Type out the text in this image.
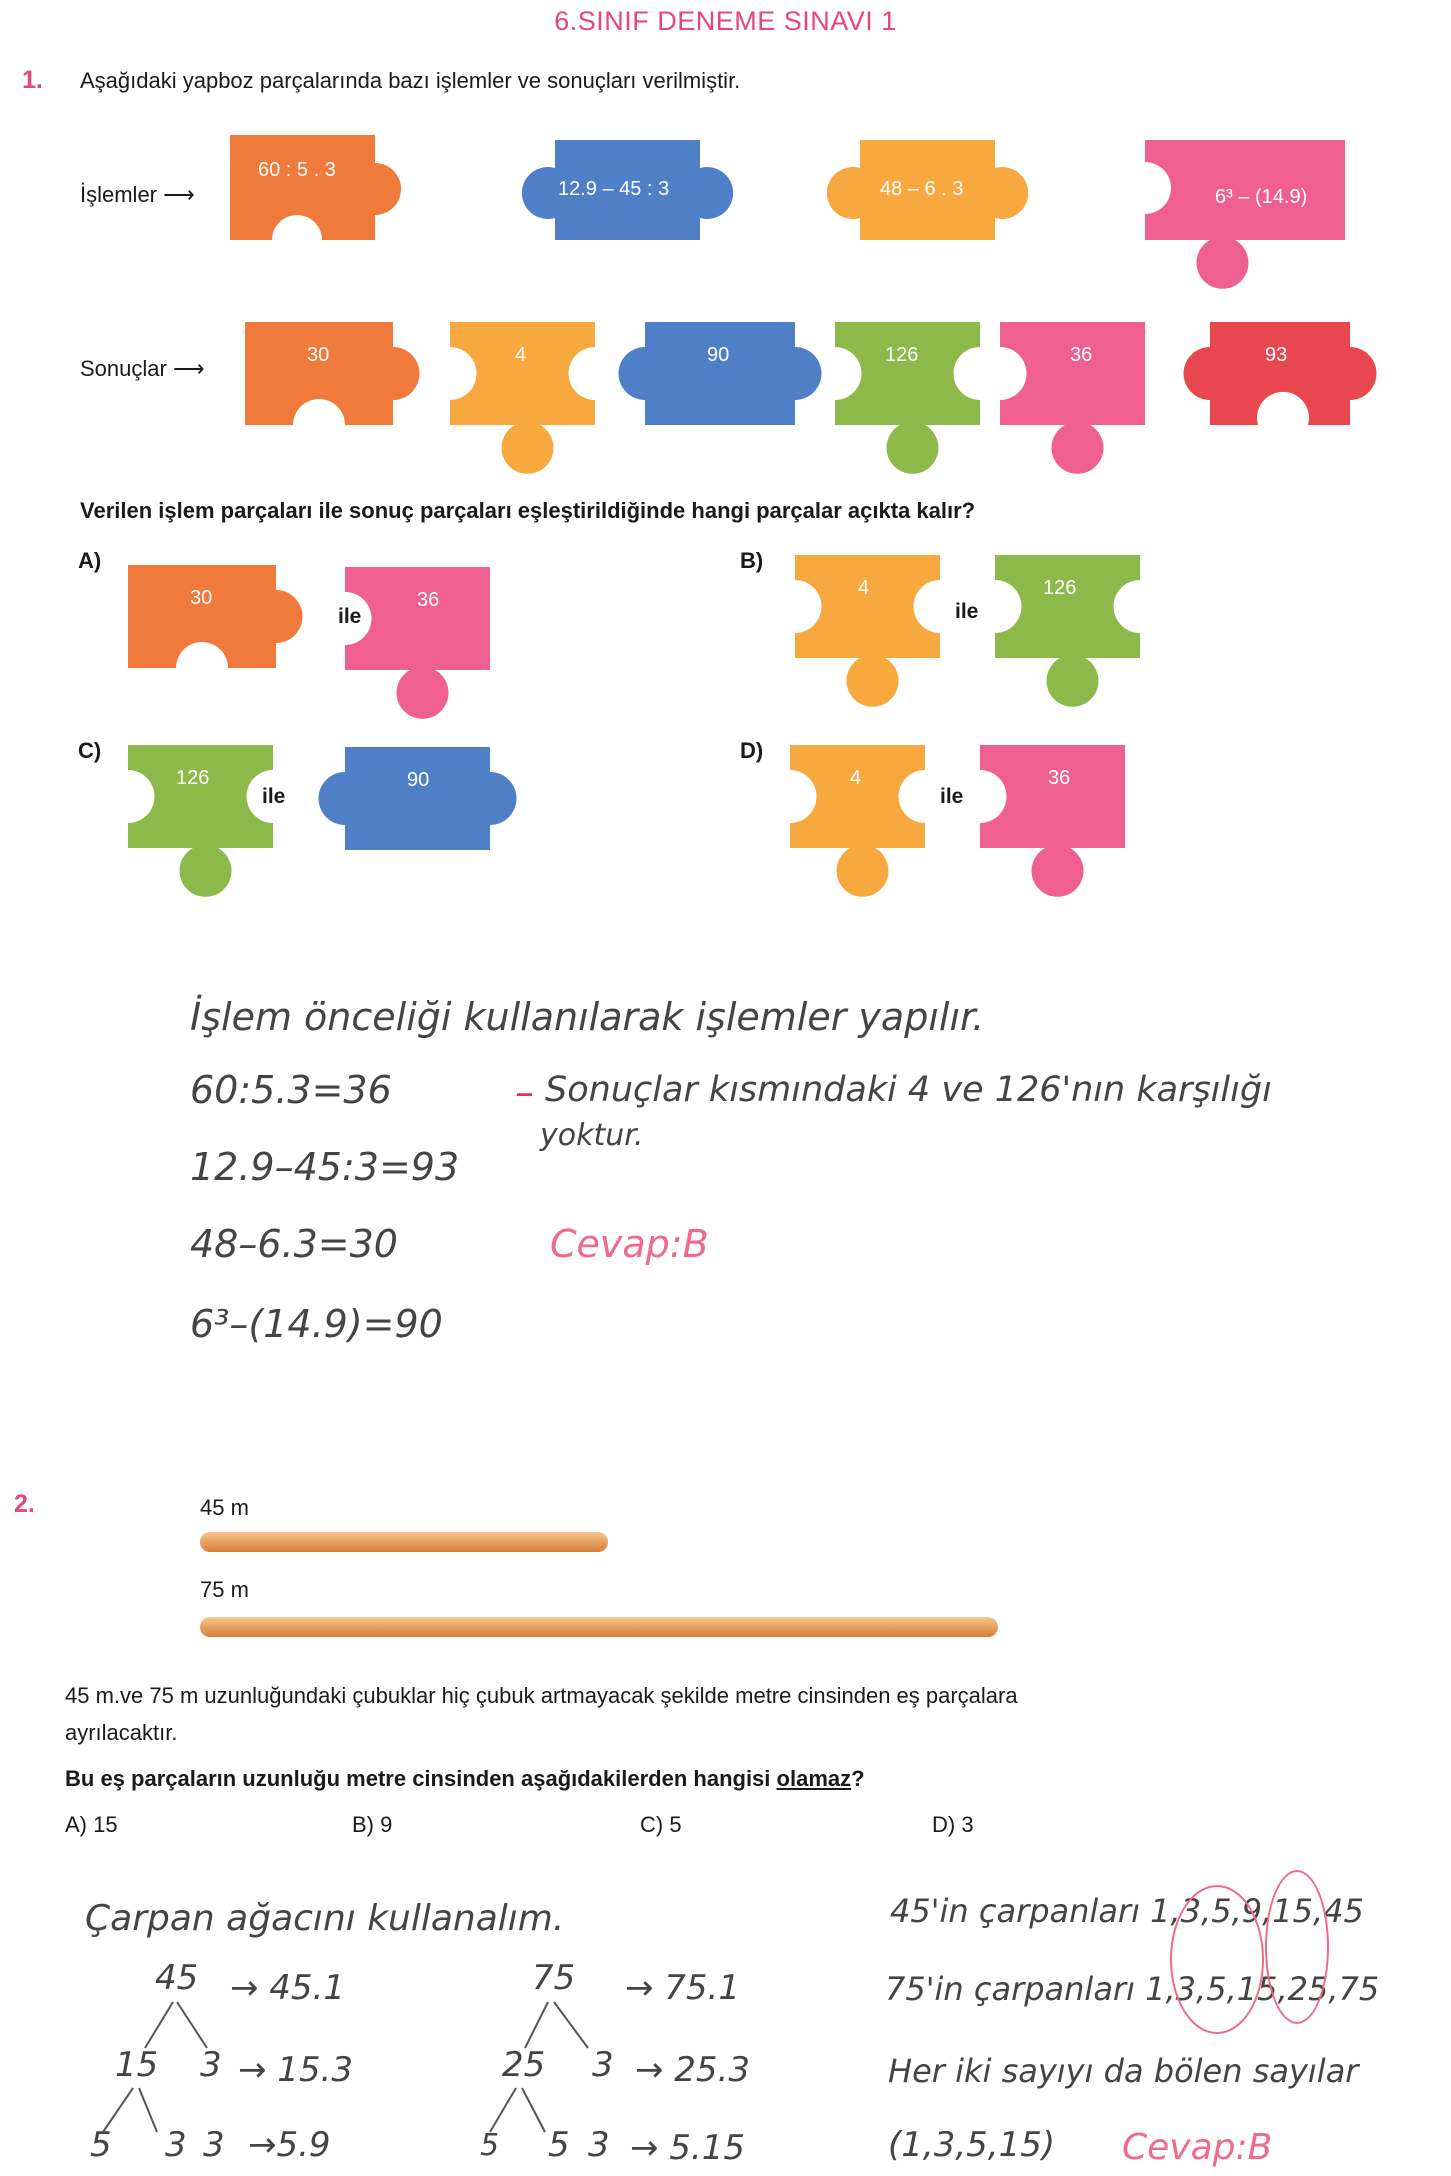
6.SINIF DENEME SINAVI 1
1. Aşağıdaki yapboz parçalarında bazı işlemler ve sonuçları verilmiştir.
İşlemler ⟶
Sonuçlar ⟶
60 : 5 . 3
12.9 – 45 : 3	48 – 6 . 3	6³ – (14.9)
30	4	90	126	36	93
Verilen işlem parçaları ile sonuç parçaları eşleştirildiğinde hangi parçalar açıkta kalır?
A)
30
ile
36
B)
4
ile
126
C)
126
ile
90
D)
4
ile
36
İşlem önceliği kullanılarak işlemler yapılır.
60:5.3=36
12.9–45:3=93
48–6.3=30
6³–(14.9)=90
– Sonuçlar kısmındaki 4 ve 126'nın karşılığı
yoktur.
Cevap:B
2.	45 m
75 m
45 m.ve 75 m uzunluğundaki çubuklar hiç çubuk artmayacak şekilde metre cinsinden eş parçalara
ayrılacaktır.
Bu eş parçaların uzunluğu metre cinsinden aşağıdakilerden hangisi olamaz?
A) 15	B) 9	C) 5	D) 3
Çarpan ağacını kullanalım.
45
15 3
5 3 3
→ 45.1
→ 15.3
→5.9
75
25 3
5 5 3
→ 75.1
→ 25.3
→ 5.15
45'in çarpanları 1,3,5,9,15,45
75'in çarpanları 1,3,5,15,25,75
Her iki sayıyı da bölen sayılar
(1,3,5,15) Cevap:B
